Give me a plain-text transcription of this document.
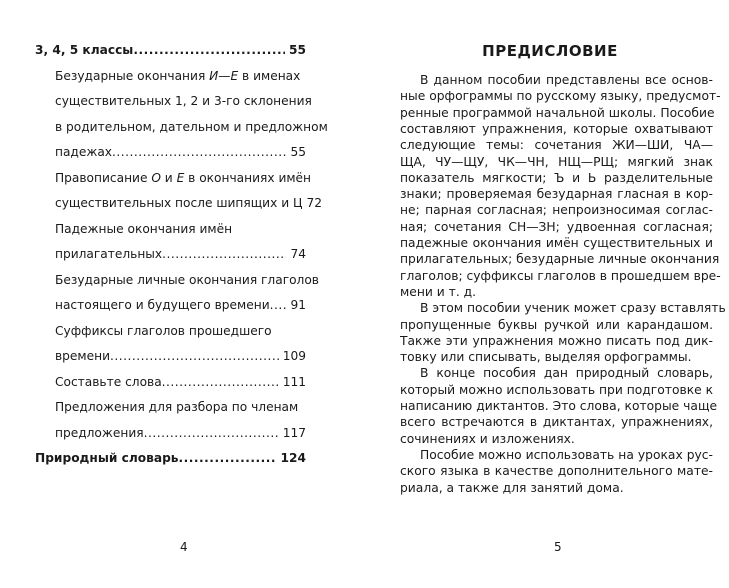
3, 4, 5 классы .....	55
Безударные окончания И—Е в именах
существительных 1, 2 и 3-го склонения
в родительном, дательном и предложном
падежах .....	55
Правописание О и Е в окончаниях имён
существительных после шипящих и Ц 72
Падежные окончания имён
прилагательных .....	74
Безударные личные окончания глаголов
настоящего и будущего времени .....	91
Суффиксы глаголов прошедшего
времени .....	109
Составьте слова .....	111
Предложения для разбора по членам
предложения .....	117
Природный словарь .....	124
4
ПРЕДИСЛОВИЕ
В данном пособии представлены все основ-
ные орфограммы по русскому языку, предусмот-
ренные программой начальной школы. Пособие
составляют упражнения, которые охватывают
следующие темы: сочетания ЖИ—ШИ, ЧА—
ЩА, ЧУ—ЩУ, ЧК—ЧН, НЩ—РЩ; мягкий знак
показатель мягкости; Ъ и Ь разделительные
знаки; проверяемая безударная гласная в кор-
не; парная согласная; непроизносимая соглас-
ная; сочетания СН—ЗН; удвоенная согласная;
падежные окончания имён существительных и
прилагательных; безударные личные окончания
глаголов; суффиксы глаголов в прошедшем вре-
мени и т. д.
В этом пособии ученик может сразу вставлять
пропущенные буквы ручкой или карандашом.
Также эти упражнения можно писать под дик-
товку или списывать, выделяя орфограммы.
В конце пособия дан природный словарь,
который можно использовать при подготовке к
написанию диктантов. Это слова, которые чаще
всего встречаются в диктантах, упражнениях,
сочинениях и изложениях.
Пособие можно использовать на уроках рус-
ского языка в качестве дополнительного мате-
риала, а также для занятий дома.
5
